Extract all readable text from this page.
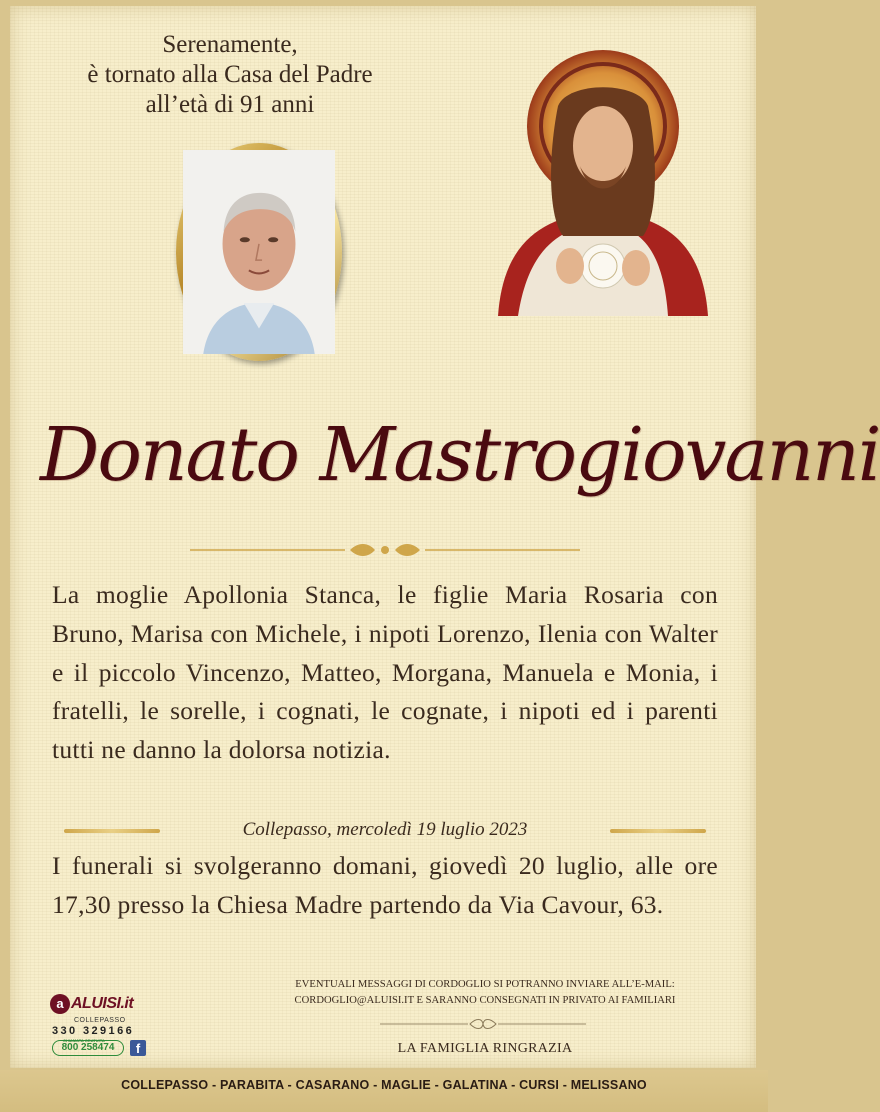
Serenamente,
è tornato alla Casa del Padre
all’età di 91 anni
Donato Mastrogiovanni
La moglie Apollonia Stanca, le figlie Maria Rosaria con Bruno, Marisa con Michele, i nipoti Lorenzo, Ilenia con Walter e il piccolo Vincenzo, Matteo, Morgana, Manuela e Monia, i fratelli, le sorelle, i cognati, le cognate, i nipoti ed i parenti tutti ne danno la dolorsa notizia.
Collepasso, mercoledì 19 luglio 2023
I funerali si svolgeranno domani, giovedì 20 luglio, alle ore 17,30 presso la Chiesa Madre partendo da Via Cavour, 63.
a ALUISI.it
COLLEPASSO
330 329166
CHIAMATA GRATUITA
800 258474	f
EVENTUALI MESSAGGI DI CORDOGLIO SI POTRANNO INVIARE ALL’E-MAIL:
CORDOGLIO@ALUISI.IT E SARANNO CONSEGNATI IN PRIVATO AI FAMILIARI
LA FAMIGLIA RINGRAZIA
COLLEPASSO - PARABITA - CASARANO - MAGLIE - GALATINA - CURSI - MELISSANO
